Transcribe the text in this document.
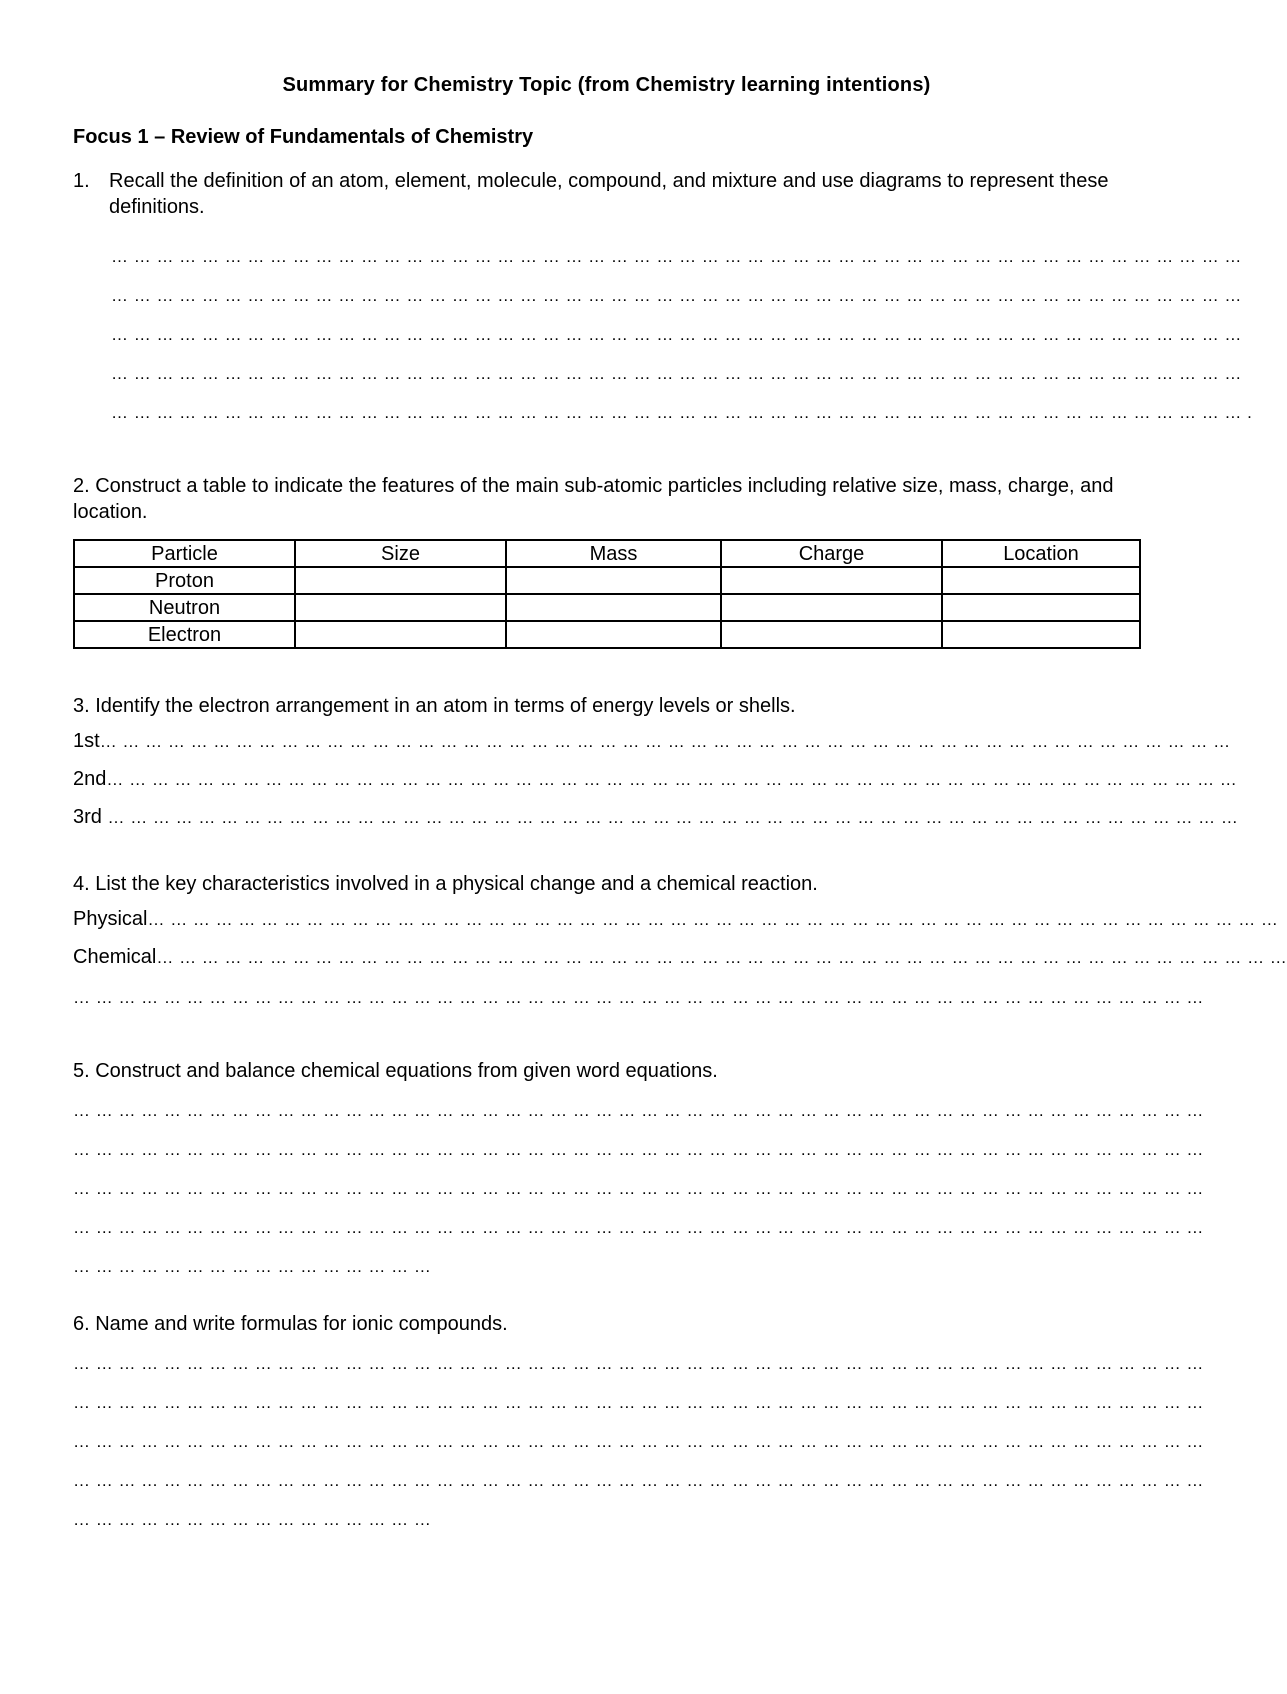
Summary for Chemistry Topic (from Chemistry learning intentions)
Focus 1 – Review of Fundamentals of Chemistry
1. Recall the definition of an atom, element, molecule, compound, and mixture and use diagrams to represent these definitions.
… … … … … … … … … … … … … … … … … … … … … … … … … … … … … … … … … … … … … … … … … … … … … … … … … …
… … … … … … … … … … … … … … … … … … … … … … … … … … … … … … … … … … … … … … … … … … … … … … … … … …
… … … … … … … … … … … … … … … … … … … … … … … … … … … … … … … … … … … … … … … … … … … … … … … … … …
… … … … … … … … … … … … … … … … … … … … … … … … … … … … … … … … … … … … … … … … … … … … … … … … … …
… … … … … … … … … … … … … … … … … … … … … … … … … … … … … … … … … … … … … … … … … … … … … … … … … … .
2. Construct a table to indicate the features of the main sub-atomic particles including relative size, mass, charge, and location.
Particle	Size	Mass	Charge	Location
Proton				
Neutron				
Electron				
3. Identify the electron arrangement in an atom in terms of energy levels or shells.
1st… … … … … … … … … … … … … … … … … … … … … … … … … … … … … … … … … … … … … … … … … … … … … … … … … …
2nd… … … … … … … … … … … … … … … … … … … … … … … … … … … … … … … … … … … … … … … … … … … … … … … … … …
3rd … … … … … … … … … … … … … … … … … … … … … … … … … … … … … … … … … … … … … … … … … … … … … … … … … …
4. List the key characteristics involved in a physical change and a chemical reaction.
Physical… … … … … … … … … … … … … … … … … … … … … … … … … … … … … … … … … … … … … … … … … … … … … … … … … …
Chemical… … … … … … … … … … … … … … … … … … … … … … … … … … … … … … … … … … … … … … … … … … … … … … … … … …
… … … … … … … … … … … … … … … … … … … … … … … … … … … … … … … … … … … … … … … … … … … … … … … … … …
5. Construct and balance chemical equations from given word equations.
… … … … … … … … … … … … … … … … … … … … … … … … … … … … … … … … … … … … … … … … … … … … … … … … … …
… … … … … … … … … … … … … … … … … … … … … … … … … … … … … … … … … … … … … … … … … … … … … … … … … …
… … … … … … … … … … … … … … … … … … … … … … … … … … … … … … … … … … … … … … … … … … … … … … … … … …
… … … … … … … … … … … … … … … … … … … … … … … … … … … … … … … … … … … … … … … … … … … … … … … … … …
… … … … … … … … … … … … … … … …
6. Name and write formulas for ionic compounds.
… … … … … … … … … … … … … … … … … … … … … … … … … … … … … … … … … … … … … … … … … … … … … … … … … …
… … … … … … … … … … … … … … … … … … … … … … … … … … … … … … … … … … … … … … … … … … … … … … … … … …
… … … … … … … … … … … … … … … … … … … … … … … … … … … … … … … … … … … … … … … … … … … … … … … … … …
… … … … … … … … … … … … … … … … … … … … … … … … … … … … … … … … … … … … … … … … … … … … … … … … … …
… … … … … … … … … … … … … … … …
